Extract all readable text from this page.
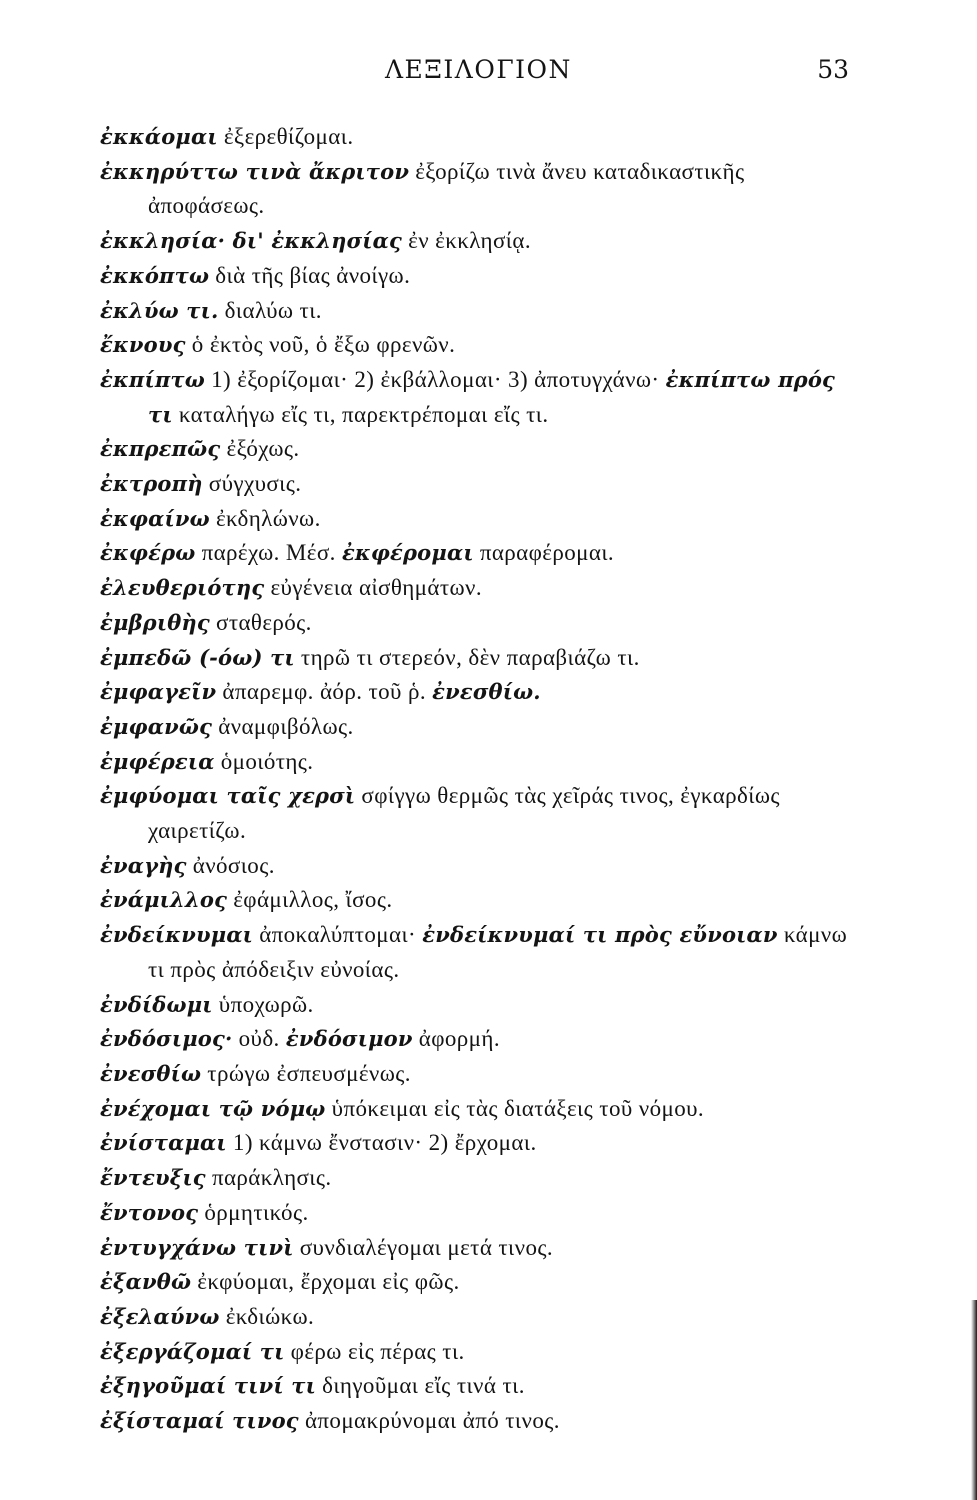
ΛΕΞΙΛΟΓΙΟΝ	53
ἐκκάομαι ἐξερεθίζομαι.
ἐκκηρύττω τινὰ ἄκριτον ἐξορίζω τινὰ ἄνευ καταδικαστικῆς ἀποφάσεως.
ἐκκλησία· δι' ἐκκλησίας ἐν ἐκκλησίᾳ.
ἐκκόπτω διὰ τῆς βίας ἀνοίγω.
ἐκλύω τι. διαλύω τι.
ἔκνους ὁ ἐκτὸς νοῦ, ὁ ἔξω φρενῶν.
ἐκπίπτω 1) ἐξορίζομαι· 2) ἐκβάλλομαι· 3) ἀποτυγχάνω· ἐκπίπτω πρός τι καταλήγω εἴς τι, παρεκτρέπομαι εἴς τι.
ἐκπρεπῶς ἐξόχως.
ἐκτροπὴ σύγχυσις.
ἐκφαίνω ἐκδηλώνω.
ἐκφέρω παρέχω. Μέσ. ἐκφέρομαι παραφέρομαι.
ἐλευθεριότης εὐγένεια αἰσθημάτων.
ἐμβριθὴς σταθερός.
ἐμπεδῶ (-όω) τι τηρῶ τι στερεόν, δὲν παραβιάζω τι.
ἐμφαγεῖν ἀπαρεμφ. ἀόρ. τοῦ ῥ. ἐνεσθίω.
ἐμφανῶς ἀναμφιβόλως.
ἐμφέρεια ὁμοιότης.
ἐμφύομαι ταῖς χερσὶ σφίγγω θερμῶς τὰς χεῖράς τινος, ἐγκαρδίως χαιρετίζω.
ἐναγὴς ἀνόσιος.
ἐνάμιλλος ἐφάμιλλος, ἴσος.
ἐνδείκνυμαι ἀποκαλύπτομαι· ἐνδείκνυμαί τι πρὸς εὔνοιαν κάμνω τι πρὸς ἀπόδειξιν εὐνοίας.
ἐνδίδωμι ὑποχωρῶ.
ἐνδόσιμος· οὐδ. ἐνδόσιμον ἀφορμή.
ἐνεσθίω τρώγω ἐσπευσμένως.
ἐνέχομαι τῷ νόμῳ ὑπόκειμαι εἰς τὰς διατάξεις τοῦ νόμου.
ἐνίσταμαι 1) κάμνω ἔνστασιν· 2) ἔρχομαι.
ἔντευξις παράκλησις.
ἔντονος ὁρμητικός.
ἐντυγχάνω τινὶ συνδιαλέγομαι μετά τινος.
ἐξανθῶ ἐκφύομαι, ἔρχομαι εἰς φῶς.
ἐξελαύνω ἐκδιώκω.
ἐξεργάζομαί τι φέρω εἰς πέρας τι.
ἐξηγοῦμαί τινί τι διηγοῦμαι εἴς τινά τι.
ἐξίσταμαί τινος ἀπομακρύνομαι ἀπό τινος.
